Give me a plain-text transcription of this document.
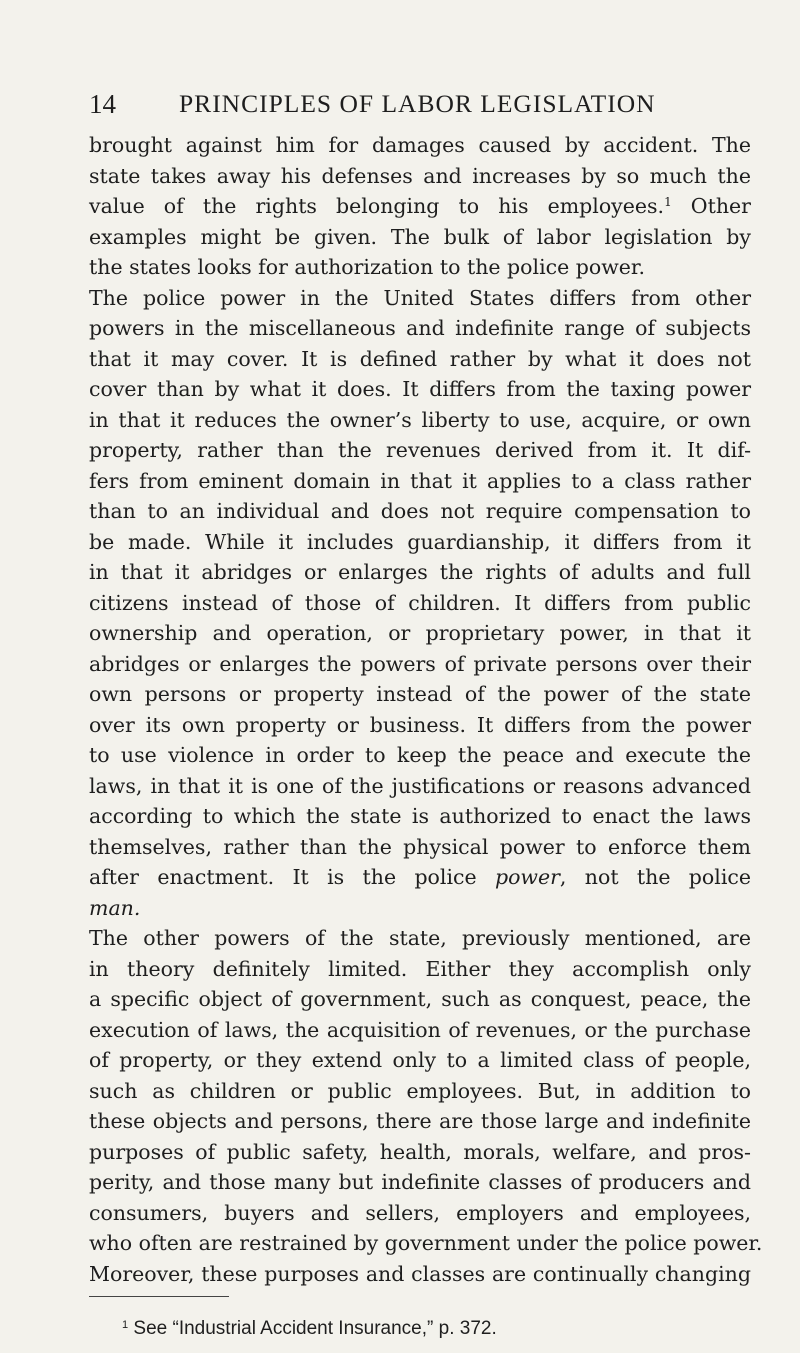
14 PRINCIPLES OF LABOR LEGISLATION
brought against him for damages caused by accident. The
state takes away his defenses and increases by so much the
value of the rights belonging to his employees.$^1$ Other
examples might be given. The bulk of labor legislation by
the states looks for authorization to the police power.
The police power in the United States differs from other
powers in the miscellaneous and indefinite range of subjects
that it may cover. It is defined rather by what it does not
cover than by what it does. It differs from the taxing power
in that it reduces the owner’s liberty to use, acquire, or own
property, rather than the revenues derived from it. It dif-
fers from eminent domain in that it applies to a class rather
than to an individual and does not require compensation to
be made. While it includes guardianship, it differs from it
in that it abridges or enlarges the rights of adults and full
citizens instead of those of children. It differs from public
ownership and operation, or proprietary power, in that it
abridges or enlarges the powers of private persons over their
own persons or property instead of the power of the state
over its own property or business. It differs from the power
to use violence in order to keep the peace and execute the
laws, in that it is one of the justifications or reasons advanced
according to which the state is authorized to enact the laws
themselves, rather than the physical power to enforce them
after enactment. It is the police power, not the police
man.
The other powers of the state, previously mentioned, are
in theory definitely limited. Either they accomplish only
a specific object of government, such as conquest, peace, the
execution of laws, the acquisition of revenues, or the purchase
of property, or they extend only to a limited class of people,
such as children or public employees. But, in addition to
these objects and persons, there are those large and indefinite
purposes of public safety, health, morals, welfare, and pros-
perity, and those many but indefinite classes of producers and
consumers, buyers and sellers, employers and employees,
who often are restrained by government under the police power.
Moreover, these purposes and classes are continually changing
$^1$ See “Industrial Accident Insurance,” p. 372.
